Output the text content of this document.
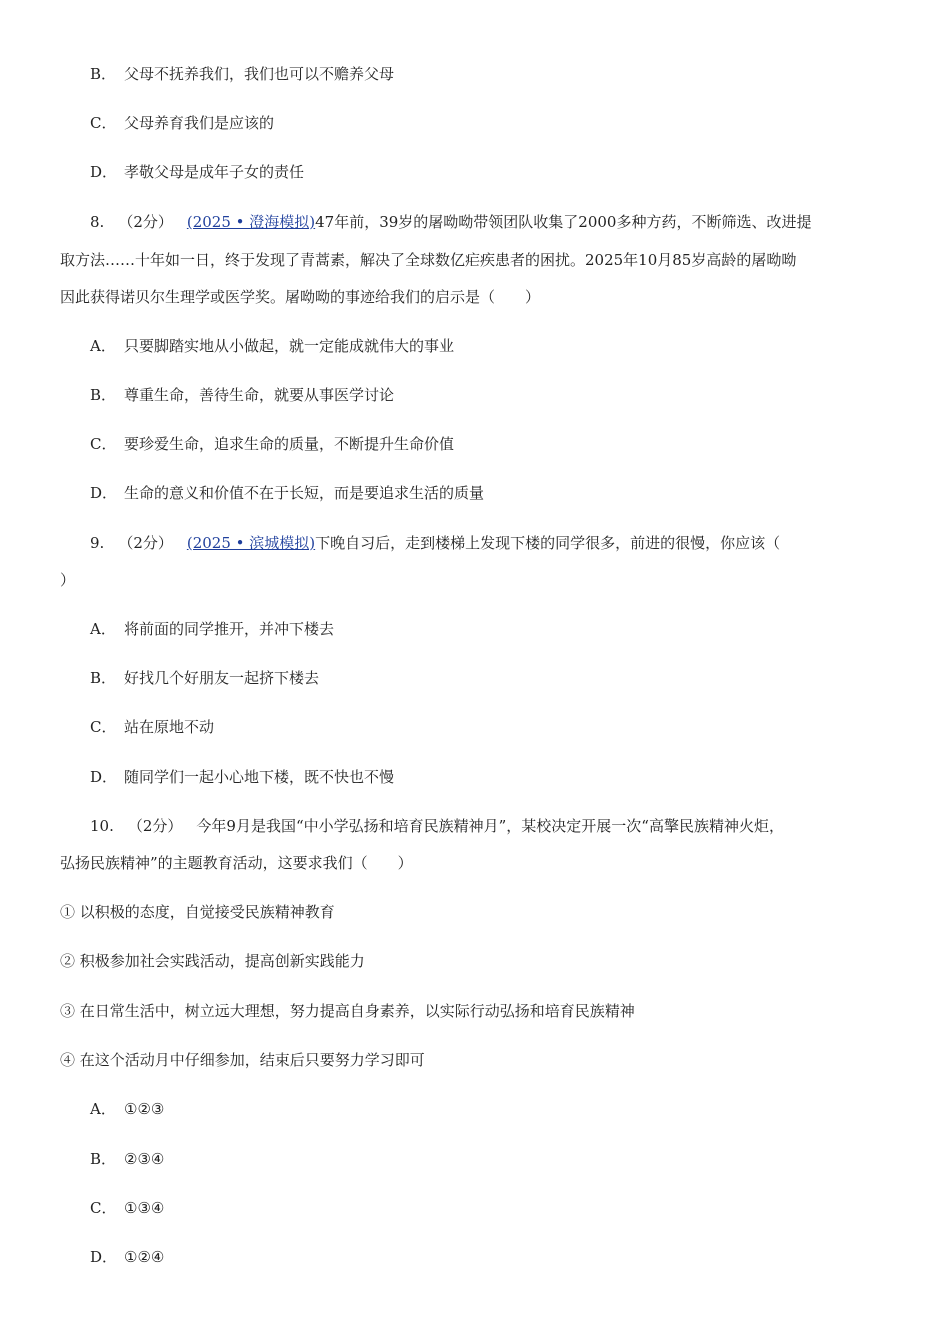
B． 父母不抚养我们，我们也可以不赡养父母
C． 父母养育我们是应该的
D． 孝敬父母是成年子女的责任
8. （2分） (2025 • 澄海模拟)47年前，39岁的屠呦呦带领团队收集了2000多种方药，不断筛选、改进提
取方法……十年如一日，终于发现了青蒿素，解决了全球数亿疟疾患者的困扰。2025年10月85岁高龄的屠呦呦
因此获得诺贝尔生理学或医学奖。屠呦呦的事迹给我们的启示是（　　）
A． 只要脚踏实地从小做起，就一定能成就伟大的事业
B． 尊重生命，善待生命，就要从事医学讨论
C． 要珍爱生命，追求生命的质量，不断提升生命价值
D． 生命的意义和价值不在于长短，而是要追求生活的质量
9. （2分） (2025 • 滨城模拟)下晚自习后，走到楼梯上发现下楼的同学很多，前进的很慢，你应该（
）
A． 将前面的同学推开，并冲下楼去
B． 好找几个好朋友一起挤下楼去
C． 站在原地不动
D． 随同学们一起小心地下楼，既不快也不慢
10. （2分） 今年9月是我国“中小学弘扬和培育民族精神月”，某校决定开展一次“高擎民族精神火炬，
弘扬民族精神”的主题教育活动，这要求我们（　　）
① 以积极的态度，自觉接受民族精神教育
② 积极参加社会实践活动，提高创新实践能力
③ 在日常生活中，树立远大理想，努力提高自身素养，以实际行动弘扬和培育民族精神
④ 在这个活动月中仔细参加，结束后只要努力学习即可
A． ①②③
B． ②③④
C． ①③④
D． ①②④
